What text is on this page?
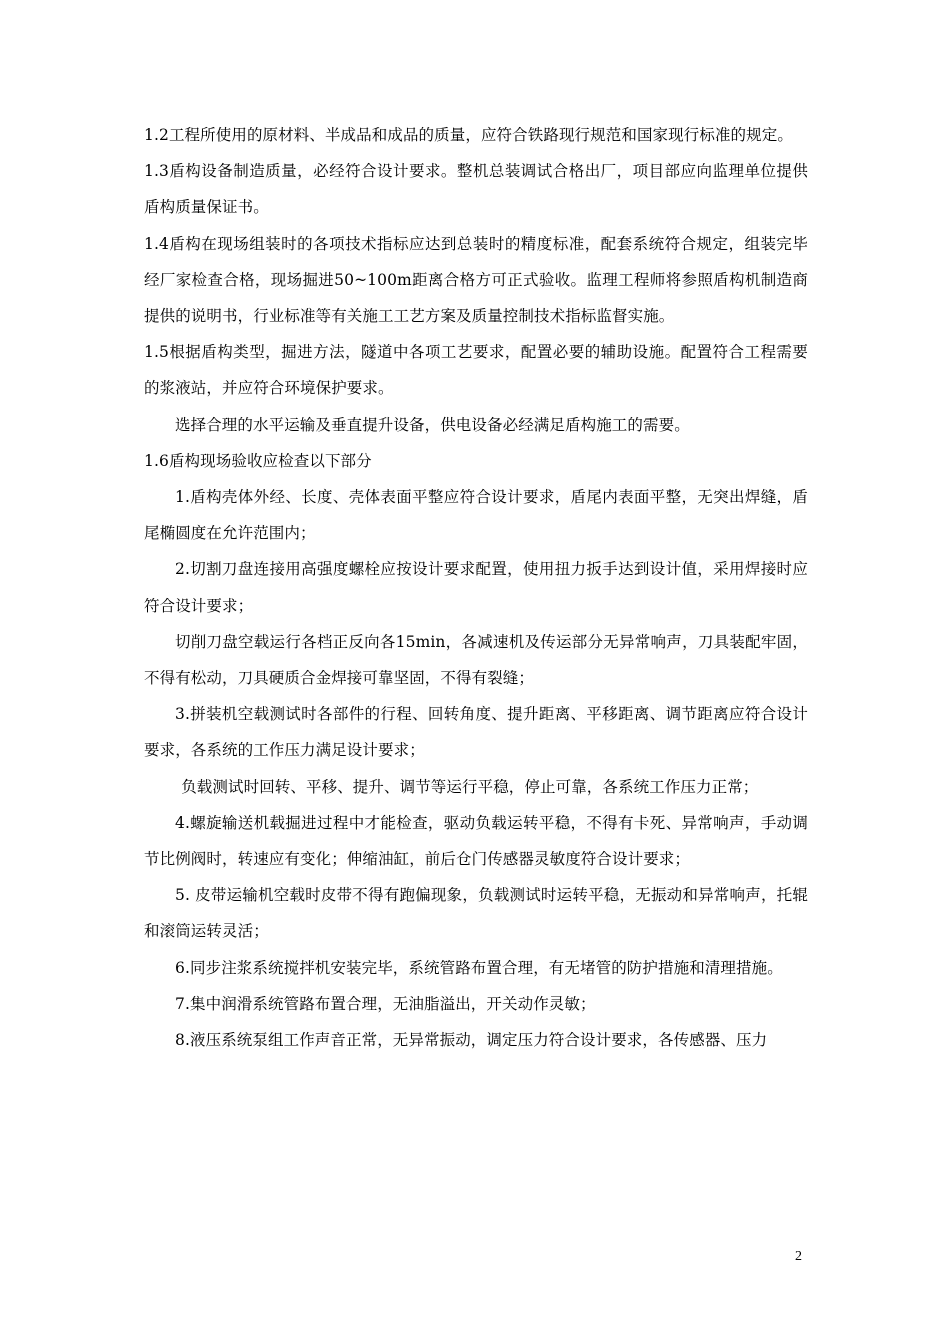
1.2工程所使用的原材料、半成品和成品的质量，应符合铁路现行规范和国家现行标准的规定。

1.3盾构设备制造质量，必经符合设计要求。整机总装调试合格出厂，项目部应向监理单位提供盾构质量保证书。

1.4盾构在现场组装时的各项技术指标应达到总装时的精度标准，配套系统符合规定，组装完毕经厂家检查合格，现场掘进50~100m距离合格方可正式验收。监理工程师将参照盾构机制造商提供的说明书，行业标准等有关施工工艺方案及质量控制技术指标监督实施。

1.5根据盾构类型，掘进方法，隧道中各项工艺要求，配置必要的辅助设施。配置符合工程需要的浆液站，并应符合环境保护要求。

选择合理的水平运输及垂直提升设备，供电设备必经满足盾构施工的需要。

1.6盾构现场验收应检查以下部分

1.盾构壳体外经、长度、壳体表面平整应符合设计要求，盾尾内表面平整，无突出焊缝，盾尾椭圆度在允许范围内；

2.切割刀盘连接用高强度螺栓应按设计要求配置，使用扭力扳手达到设计值，采用焊接时应符合设计要求；

切削刀盘空载运行各档正反向各15min，各减速机及传运部分无异常响声，刀具装配牢固，不得有松动，刀具硬质合金焊接可靠坚固，不得有裂缝；

3.拼装机空载测试时各部件的行程、回转角度、提升距离、平移距离、调节距离应符合设计要求，各系统的工作压力满足设计要求；

负载测试时回转、平移、提升、调节等运行平稳，停止可靠，各系统工作压力正常；

4.螺旋输送机载掘进过程中才能检查，驱动负载运转平稳，不得有卡死、异常响声，手动调节比例阀时，转速应有变化；伸缩油缸，前后仓门传感器灵敏度符合设计要求；

5. 皮带运输机空载时皮带不得有跑偏现象，负载测试时运转平稳，无振动和异常响声，托辊和滚筒运转灵活；

6.同步注浆系统搅拌机安装完毕，系统管路布置合理，有无堵管的防护措施和清理措施。

7.集中润滑系统管路布置合理，无油脂溢出，开关动作灵敏；

8.液压系统泵组工作声音正常，无异常振动，调定压力符合设计要求，各传感器、压力

2
